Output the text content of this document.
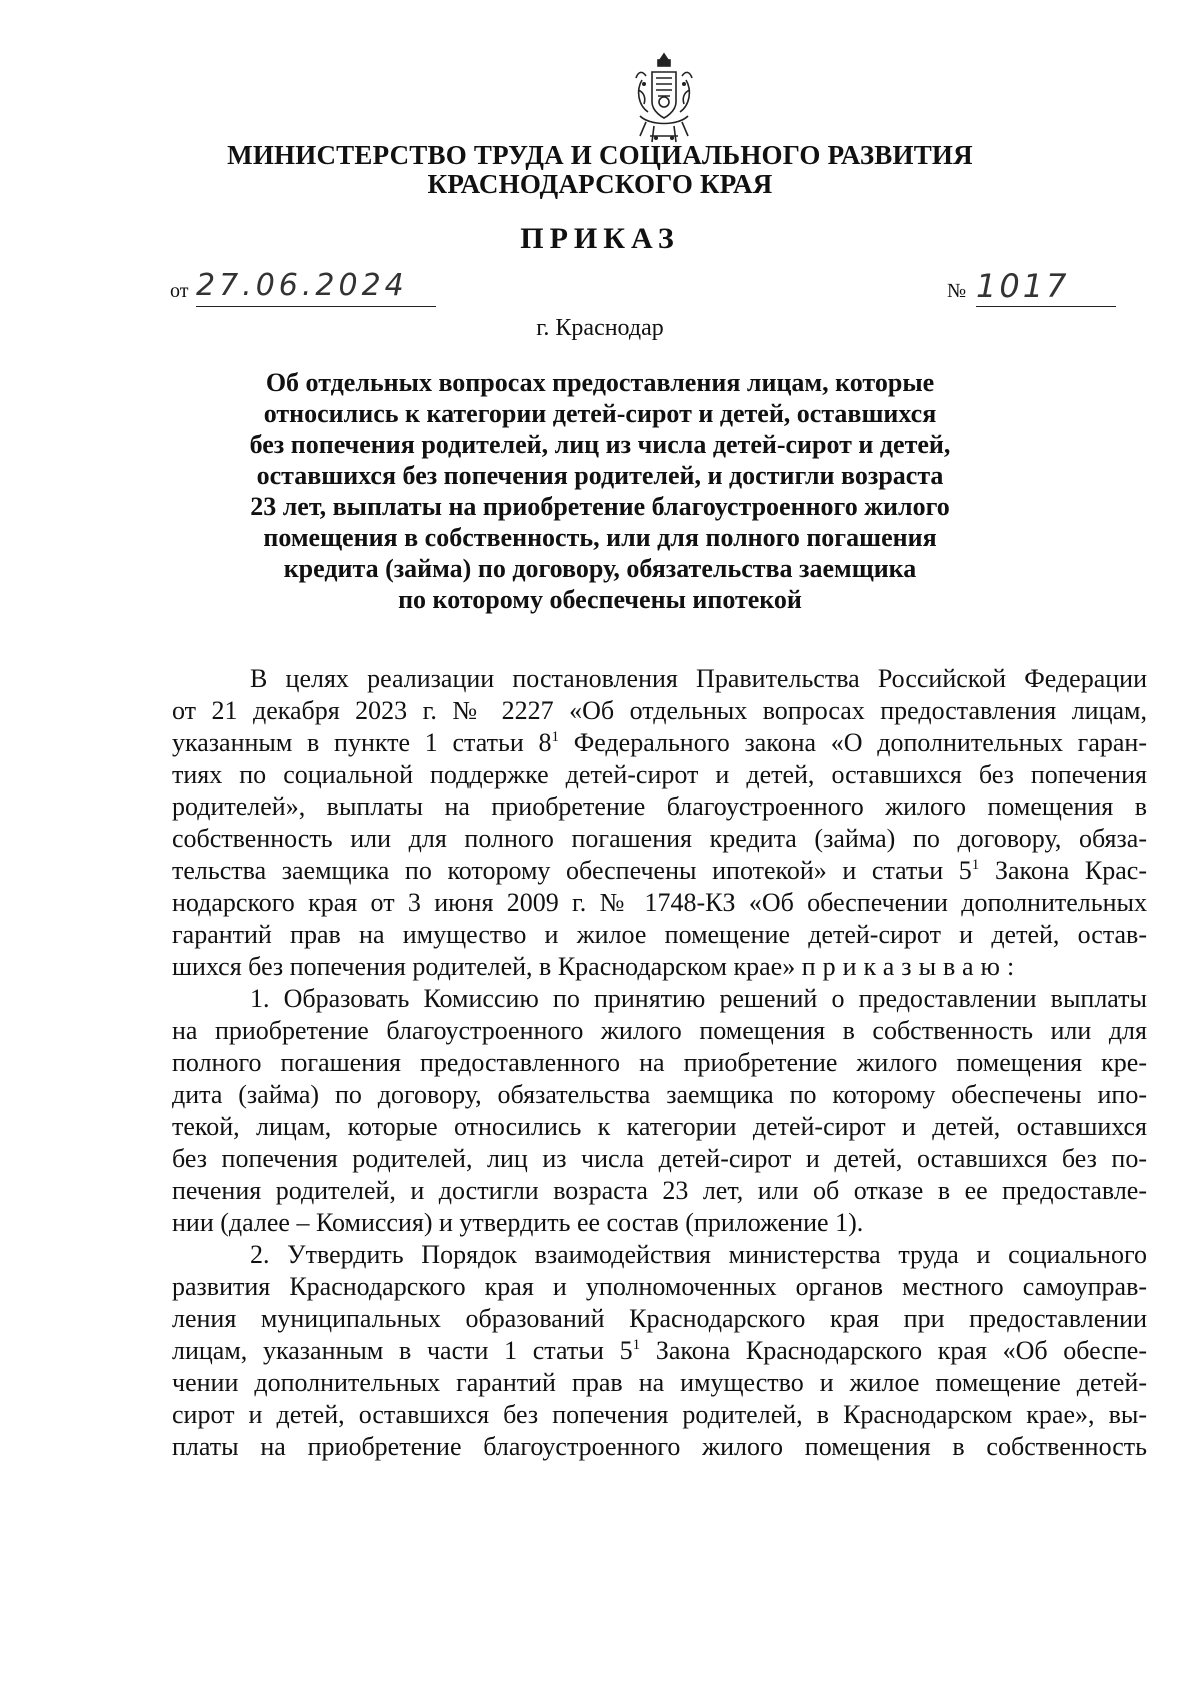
МИНИСТЕРСТВО ТРУДА И СОЦИАЛЬНОГО РАЗВИТИЯ
КРАСНОДАРСКОГО КРАЯ
ПРИКАЗ
от 27.06.2024	№ 1017
г. Краснодар
Об отдельных вопросах предоставления лицам, которые
относились к категории детей-сирот и детей, оставшихся
без попечения родителей, лиц из числа детей-сирот и детей,
оставшихся без попечения родителей, и достигли возраста
23 лет, выплаты на приобретение благоустроенного жилого
помещения в собственность, или для полного погашения
кредита (займа) по договору, обязательства заемщика
по которому обеспечены ипотекой
В целях реализации постановления Правительства Российской Федерации
от 21 декабря 2023 г. № 2227 «Об отдельных вопросах предоставления лицам,
указанным в пункте 1 статьи $8^1$ Федерального закона «О дополнительных гаран-
тиях по социальной поддержке детей-сирот и детей, оставшихся без попечения
родителей», выплаты на приобретение благоустроенного жилого помещения в
собственность или для полного погашения кредита (займа) по договору, обяза-
тельства заемщика по которому обеспечены ипотекой» и статьи $5^1$ Закона Крас-
нодарского края от 3 июня 2009 г. № 1748-КЗ «Об обеспечении дополнительных
гарантий прав на имущество и жилое помещение детей-сирот и детей, остав-
шихся без попечения родителей, в Краснодарском крае» приказываю:
1. Образовать Комиссию по принятию решений о предоставлении выплаты
на приобретение благоустроенного жилого помещения в собственность или для
полного погашения предоставленного на приобретение жилого помещения кре-
дита (займа) по договору, обязательства заемщика по которому обеспечены ипо-
текой, лицам, которые относились к категории детей-сирот и детей, оставшихся
без попечения родителей, лиц из числа детей-сирот и детей, оставшихся без по-
печения родителей, и достигли возраста 23 лет, или об отказе в ее предоставле-
нии (далее – Комиссия) и утвердить ее состав (приложение 1).
2. Утвердить Порядок взаимодействия министерства труда и социального
развития Краснодарского края и уполномоченных органов местного самоуправ-
ления муниципальных образований Краснодарского края при предоставлении
лицам, указанным в части 1 статьи $5^1$ Закона Краснодарского края «Об обеспе-
чении дополнительных гарантий прав на имущество и жилое помещение детей-
сирот и детей, оставшихся без попечения родителей, в Краснодарском крае», вы-
платы на приобретение благоустроенного жилого помещения в собственность
